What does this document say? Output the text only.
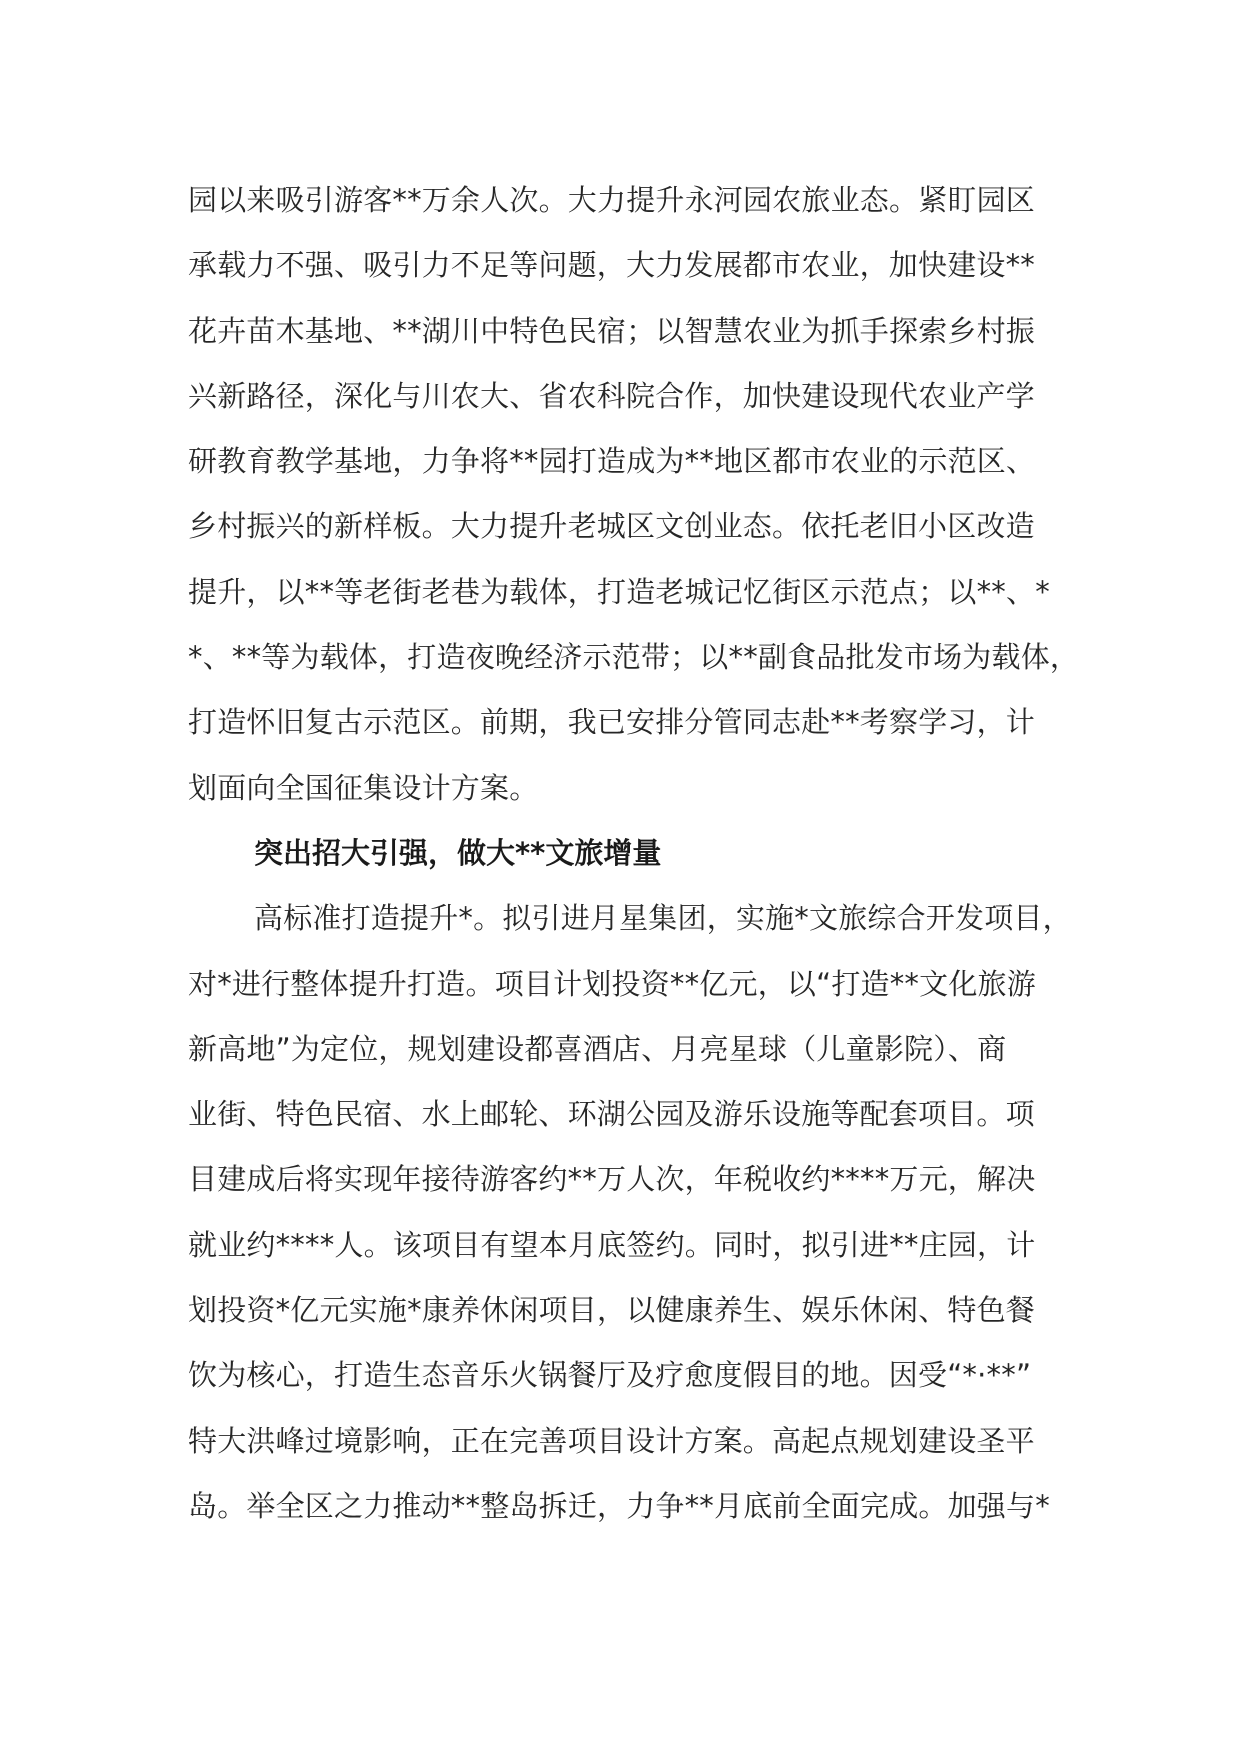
园以来吸引游客**万余人次。大力提升永河园农旅业态。紧盯园区
承载力不强、吸引力不足等问题，大力发展都市农业，加快建设**
花卉苗木基地、**湖川中特色民宿；以智慧农业为抓手探索乡村振
兴新路径，深化与川农大、省农科院合作，加快建设现代农业产学
研教育教学基地，力争将**园打造成为**地区都市农业的示范区、
乡村振兴的新样板。大力提升老城区文创业态。依托老旧小区改造
提升，以**等老街老巷为载体，打造老城记忆街区示范点；以**、*
*、**等为载体，打造夜晚经济示范带；以**副食品批发市场为载体，
打造怀旧复古示范区。前期，我已安排分管同志赴**考察学习，计
划面向全国征集设计方案。
突出招大引强，做大**文旅增量
高标准打造提升*。拟引进月星集团，实施*文旅综合开发项目，
对*进行整体提升打造。项目计划投资**亿元，以“打造**文化旅游
新高地”为定位，规划建设都喜酒店、月亮星球（儿童影院）、商
业街、特色民宿、水上邮轮、环湖公园及游乐设施等配套项目。项
目建成后将实现年接待游客约**万人次，年税收约****万元，解决
就业约****人。该项目有望本月底签约。同时，拟引进**庄园，计
划投资*亿元实施*康养休闲项目，以健康养生、娱乐休闲、特色餐
饮为核心，打造生态音乐火锅餐厅及疗愈度假目的地。因受“*·**”
特大洪峰过境影响，正在完善项目设计方案。高起点规划建设圣平
岛。举全区之力推动**整岛拆迁，力争**月底前全面完成。加强与*
